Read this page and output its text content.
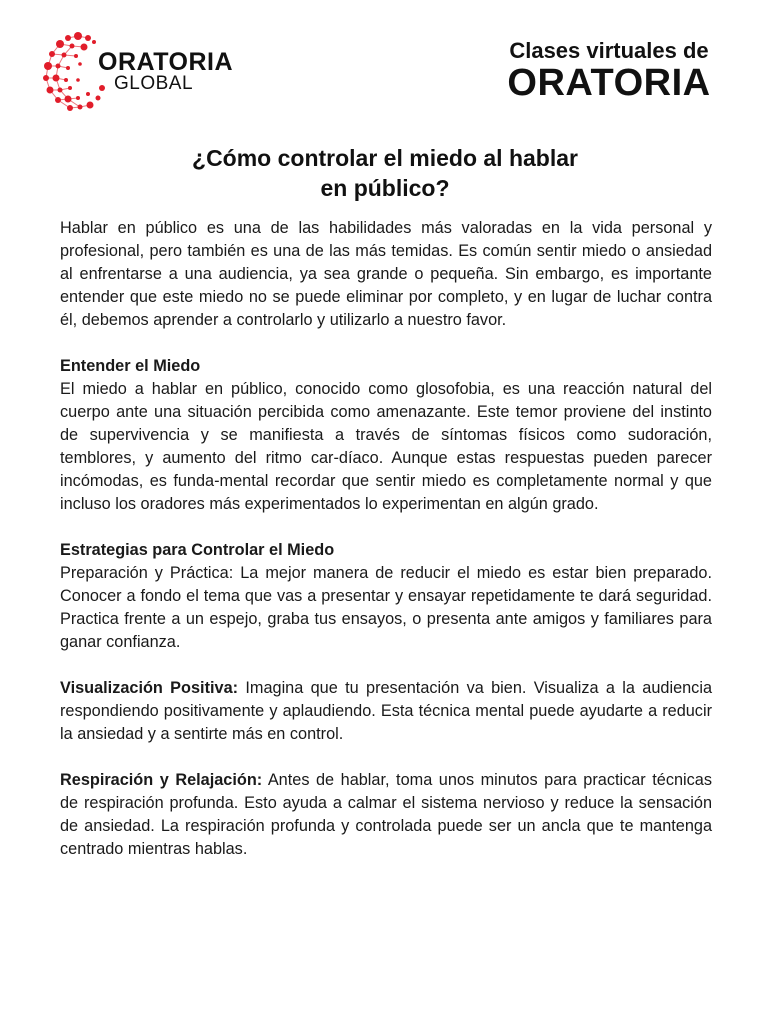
ORATORIA
GLOBAL
Clases virtuales de
ORATORIA
¿Cómo controlar el miedo al hablar
en público?

Hablar en público es una de las habilidades más valoradas en la vida personal y profesional, pero también es una de las más temidas. Es común sentir miedo o ansiedad al enfrentarse a una audiencia, ya sea grande o pequeña. Sin embargo, es importante entender que este miedo no se puede eliminar por completo, y en lugar de luchar contra él, debemos aprender a controlarlo y utilizarlo a nuestro favor.

Entender el Miedo

El miedo a hablar en público, conocido como glosofobia, es una reacción natural del cuerpo ante una situación percibida como amenazante. Este temor proviene del instinto de supervivencia y se manifiesta a través de síntomas físicos como sudoración, temblores, y aumento del ritmo car-díaco. Aunque estas respuestas pueden parecer incómodas, es funda-mental recordar que sentir miedo es completamente normal y que incluso los oradores más experimentados lo experimentan en algún grado.

Estrategias para Controlar el Miedo

Preparación y Práctica: La mejor manera de reducir el miedo es estar bien preparado. Conocer a fondo el tema que vas a presentar y ensayar repetidamente te dará seguridad. Practica frente a un espejo, graba tus ensayos, o presenta ante amigos y familiares para ganar confianza.

Visualización Positiva: Imagina que tu presentación va bien. Visualiza a la audiencia respondiendo positivamente y aplaudiendo. Esta técnica mental puede ayudarte a reducir la ansiedad y a sentirte más en control.

Respiración y Relajación: Antes de hablar, toma unos minutos para practicar técnicas de respiración profunda. Esto ayuda a calmar el sistema nervioso y reduce la sensación de ansiedad. La respiración profunda y controlada puede ser un ancla que te mantenga centrado mientras hablas.
